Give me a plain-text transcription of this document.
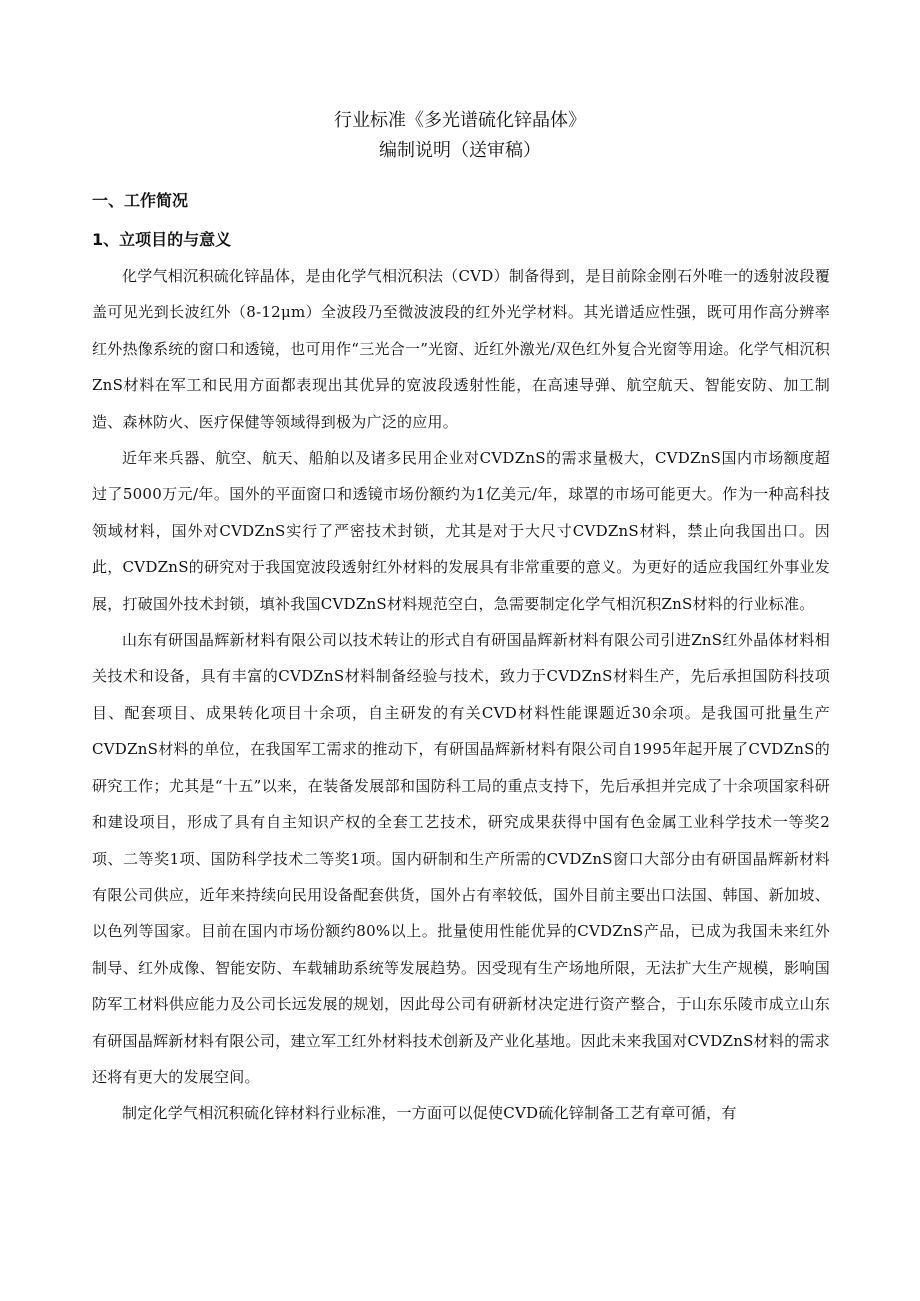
行业标准《多光谱硫化锌晶体》
编制说明（送审稿）
一、工作简况
1、立项目的与意义

化学气相沉积硫化锌晶体，是由化学气相沉积法（CVD）制备得到，是目前除金刚石外唯一的透射波段覆盖可见光到长波红外（8-12μm）全波段乃至微波波段的红外光学材料。其光谱适应性强，既可用作高分辨率红外热像系统的窗口和透镜，也可用作“三光合一”光窗、近红外激光/双色红外复合光窗等用途。化学气相沉积ZnS材料在军工和民用方面都表现出其优异的宽波段透射性能，在高速导弹、航空航天、智能安防、加工制造、森林防火、医疗保健等领域得到极为广泛的应用。

近年来兵器、航空、航天、船舶以及诸多民用企业对CVDZnS的需求量极大，CVDZnS国内市场额度超过了5000万元/年。国外的平面窗口和透镜市场份额约为1亿美元/年，球罩的市场可能更大。作为一种高科技领域材料，国外对CVDZnS实行了严密技术封锁，尤其是对于大尺寸CVDZnS材料，禁止向我国出口。因此，CVDZnS的研究对于我国宽波段透射红外材料的发展具有非常重要的意义。为更好的适应我国红外事业发展，打破国外技术封锁，填补我国CVDZnS材料规范空白，急需要制定化学气相沉积ZnS材料的行业标准。

山东有研国晶辉新材料有限公司以技术转让的形式自有研国晶辉新材料有限公司引进ZnS红外晶体材料相关技术和设备，具有丰富的CVDZnS材料制备经验与技术，致力于CVDZnS材料生产，先后承担国防科技项目、配套项目、成果转化项目十余项，自主研发的有关CVD材料性能课题近30余项。是我国可批量生产CVDZnS材料的单位，在我国军工需求的推动下，有研国晶辉新材料有限公司自1995年起开展了CVDZnS的研究工作；尤其是“十五”以来，在装备发展部和国防科工局的重点支持下，先后承担并完成了十余项国家科研和建设项目，形成了具有自主知识产权的全套工艺技术，研究成果获得中国有色金属工业科学技术一等奖2项、二等奖1项、国防科学技术二等奖1项。国内研制和生产所需的CVDZnS窗口大部分由有研国晶辉新材料有限公司供应，近年来持续向民用设备配套供货，国外占有率较低，国外目前主要出口法国、韩国、新加坡、以色列等国家。目前在国内市场份额约80%以上。批量使用性能优异的CVDZnS产品，已成为我国未来红外制导、红外成像、智能安防、车载辅助系统等发展趋势。因受现有生产场地所限，无法扩大生产规模，影响国防军工材料供应能力及公司长远发展的规划，因此母公司有研新材决定进行资产整合，于山东乐陵市成立山东有研国晶辉新材料有限公司，建立军工红外材料技术创新及产业化基地。因此未来我国对CVDZnS材料的需求还将有更大的发展空间。

制定化学气相沉积硫化锌材料行业标准，一方面可以促使CVD硫化锌制备工艺有章可循，有
